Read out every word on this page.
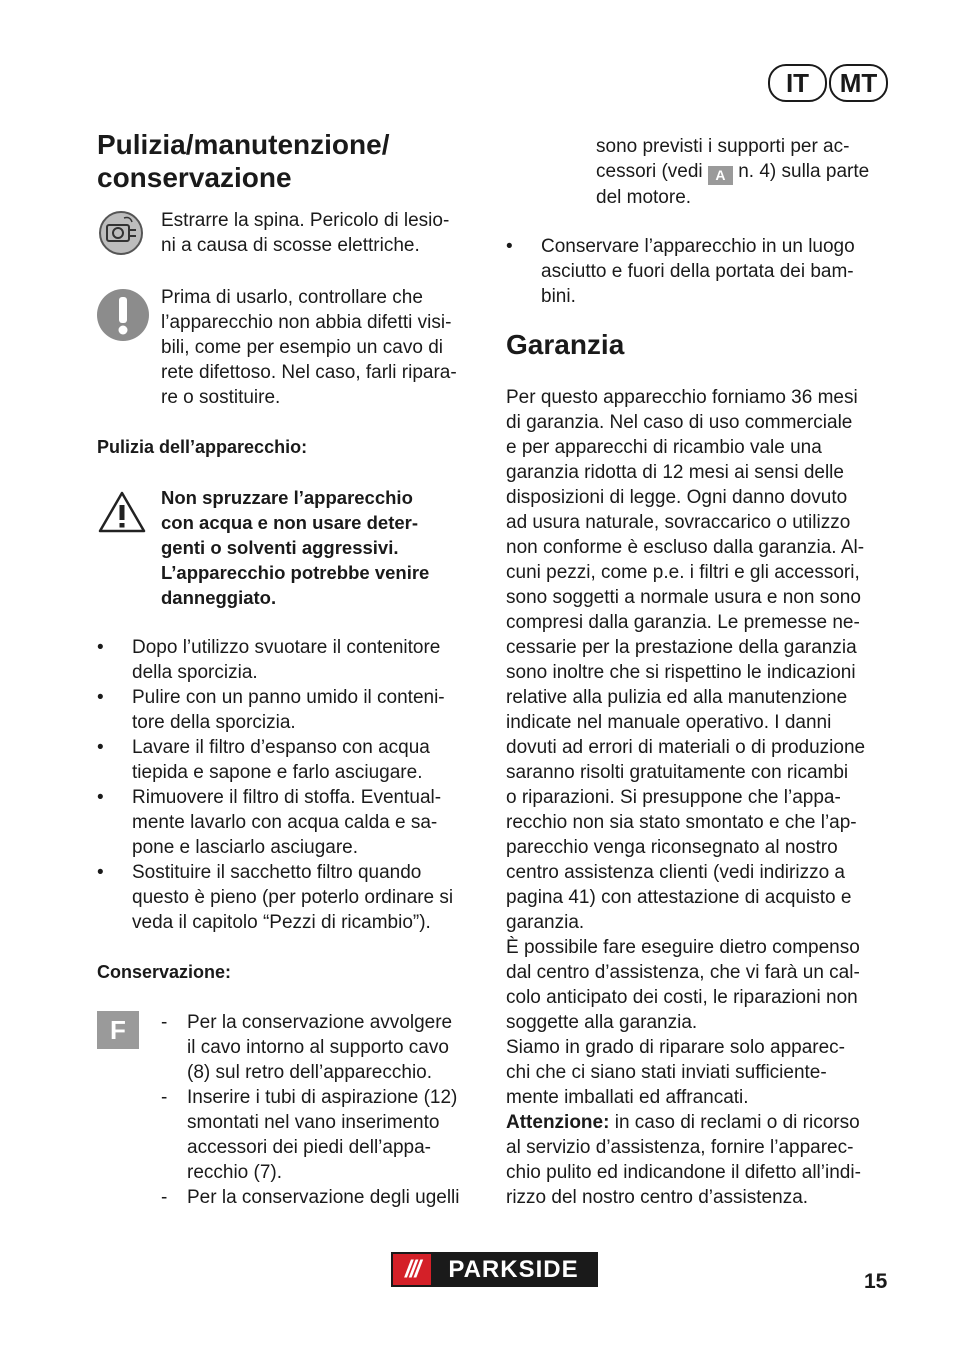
IT	MT
Pulizia/manutenzione/
conservazione
Estrarre la spina. Pericolo di lesio-
ni a causa di scosse elettriche.
Prima di usarlo, controllare che
l’apparecchio non abbia difetti visi-
bili, come per esempio un cavo di
rete difettoso. Nel caso, farli ripara-
re o sostituire.
Pulizia dell’apparecchio:
Non spruzzare l’apparecchio
con acqua e non usare deter-
genti o solventi aggressivi.
L’apparecchio potrebbe venire
danneggiato.
• Dopo l’utilizzo svuotare il contenitore
della sporcizia.
• Pulire con un panno umido il conteni-
tore della sporcizia.
• Lavare il filtro d’espanso con acqua
tiepida e sapone e farlo asciugare.
• Rimuovere il filtro di stoffa. Eventual-
mente lavarlo con acqua calda e sa-
pone e lasciarlo asciugare.
• Sostituire il sacchetto filtro quando
questo è pieno (per poterlo ordinare si
veda il capitolo “Pezzi di ricambio”).
Conservazione:
F	- Per la conservazione avvolgere
il cavo intorno al supporto cavo
(8) sul retro dell’apparecchio.
- Inserire i tubi di aspirazione (12)
smontati nel vano inserimento
accessori dei piedi dell’appa-
recchio (7).
- Per la conservazione degli ugelli
sono previsti i supporti per ac-
cessori (vedi A n. 4) sulla parte
del motore.
• Conservare l’apparecchio in un luogo
asciutto e fuori della portata dei bam-
bini.
Garanzia
Per questo apparecchio forniamo 36 mesi
di garanzia. Nel caso di uso commerciale
e per apparecchi di ricambio vale una
garanzia ridotta di 12 mesi ai sensi delle
disposizioni di legge. Ogni danno dovuto
ad usura naturale, sovraccarico o utilizzo
non conforme è escluso dalla garanzia. Al-
cuni pezzi, come p.e. i filtri e gli accessori,
sono soggetti a normale usura e non sono
compresi dalla garanzia. Le premesse ne-
cessarie per la prestazione della garanzia
sono inoltre che si rispettino le indicazioni
relative alla pulizia ed alla manutenzione
indicate nel manuale operativo. I danni
dovuti ad errori di materiali o di produzione
saranno risolti gratuitamente con ricambi
o riparazioni. Si presuppone che l’appa-
recchio non sia stato smontato e che l’ap-
parecchio venga riconsegnato al nostro
centro assistenza clienti (vedi indirizzo a
pagina 41) con attestazione di acquisto e
garanzia.
È possibile fare eseguire dietro compenso
dal centro d’assistenza, che vi farà un cal-
colo anticipato dei costi, le riparazioni non
soggette alla garanzia.
Siamo in grado di riparare solo apparec-
chi che ci siano stati inviati sufficiente-
mente imballati ed affrancati.
Attenzione: in caso di reclami o di ricorso
al servizio d’assistenza, fornire l’apparec-
chio pulito ed indicandone il difetto all’indi-
rizzo del nostro centro d’assistenza.
///	PARKSIDE	15
